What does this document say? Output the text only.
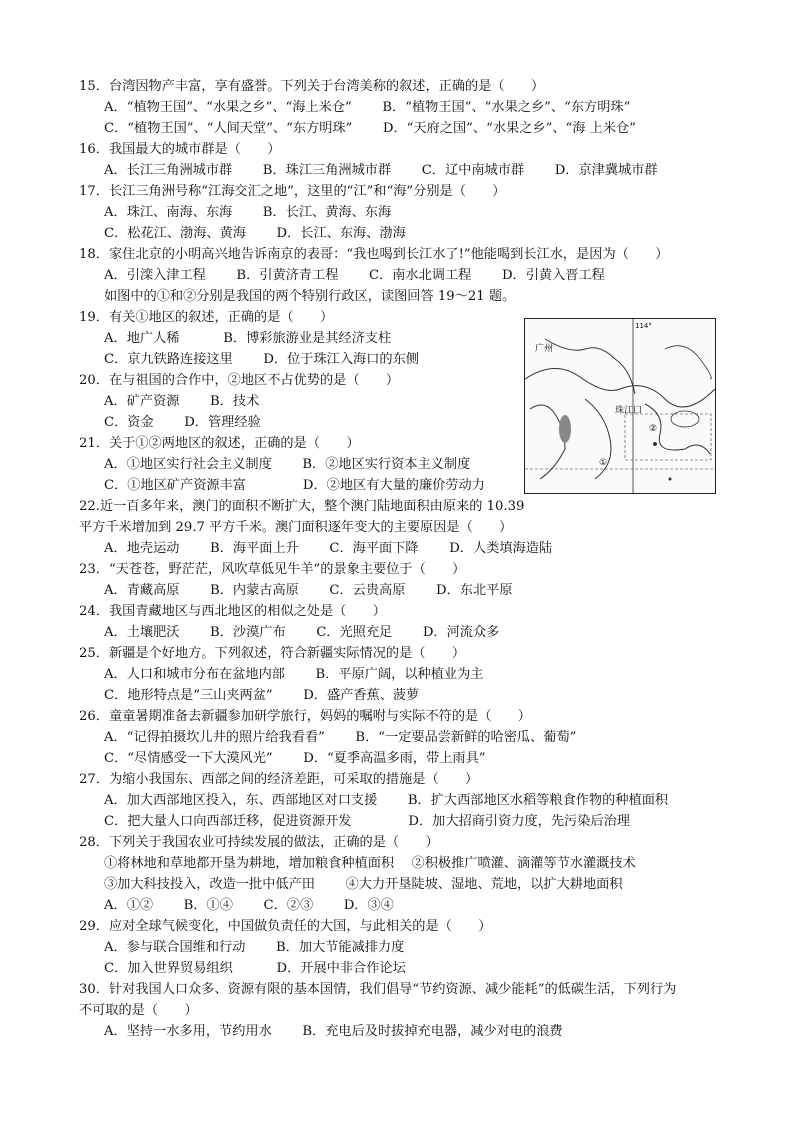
15．台湾因物产丰富，享有盛誉。下列关于台湾美称的叙述，正确的是（　　）
A．“植物王国”、“水果之乡”、“海上米仓”　　 B．“植物王国”、“水果之乡”、“东方明珠”
C．“植物王国”、“人间天堂”、“东方明珠”　　 D．“天府之国”、“水果之乡”、“海 上米仓”
16．我国最大的城市群是（　　）
A．长江三角洲城市群　　 B．珠江三角洲城市群　　 C．辽中南城市群　　 D．京津冀城市群
17．长江三角洲号称“江海交汇之地”，这里的“江”和“海”分别是（　　）
A．珠江、南海、东海　　 B．长江、黄海、东海
C．松花江、渤海、黄海　　 D．长江、东海、渤海
18．家住北京的小明高兴地告诉南京的表哥：“我也喝到长江水了!”他能喝到长江水，是因为（　　）
A．引滦入津工程　　 B．引黄济青工程　　 C．南水北调工程　　 D．引黄入晋工程
如图中的①和②分别是我国的两个特别行政区，读图回答 19～21 题。
19．有关①地区的叙述，正确的是（　　）
A．地广人稀　　　 B．博彩旅游业是其经济支柱
C．京九铁路连接这里　　 D．位于珠江入海口的东侧
20．在与祖国的合作中，②地区不占优势的是（　　）
A．矿产资源　　 B．技术
C．资金　　 D．管理经验
21．关于①②两地区的叙述，正确的是（　　）
A．①地区实行社会主义制度　　 B．②地区实行资本主义制度
C．①地区矿产资源丰富　　　　 D．②地区有大量的廉价劳动力
22.近一百多年来，澳门的面积不断扩大，整个澳门陆地面积由原来的 10.39
平方千米增加到 29.7 平方千米。澳门面积逐年变大的主要原因是（　　）
A．地壳运动　　 B．海平面上升　　 C．海平面下降　　 D．人类填海造陆
23．“天苍苍，野茫茫，风吹草低见牛羊”的景象主要位于（　　）
A．青藏高原　　 B．内蒙古高原　　 C．云贵高原　　 D．东北平原
24．我国青藏地区与西北地区的相似之处是（　　）
A．土壤肥沃　　 B．沙漠广布　　 C．光照充足　　 D．河流众多
25．新疆是个好地方。下列叙述，符合新疆实际情况的是（　　）
A．人口和城市分布在盆地内部　　 B．平原广阔，以种植业为主
C．地形特点是“三山夹两盆”　　 D．盛产香蕉、菠萝
26．童童暑期准备去新疆参加研学旅行，妈妈的嘱咐与实际不符的是（　　）
A．“记得拍摄坎儿井的照片给我看看”　　 B．“一定要品尝新鲜的哈密瓜、葡萄”
C．“尽情感受一下大漠风光”　　 D．“夏季高温多雨，带上雨具”
27．为缩小我国东、西部之间的经济差距，可采取的措施是（　　）
A．加大西部地区投入，东、西部地区对口支援　　 B．扩大西部地区水稻等粮食作物的种植面积
C．把大量人口向西部迁移，促进资源开发　　　　 D．加大招商引资力度，先污染后治理
28．下列关于我国农业可持续发展的做法，正确的是（　　）
①将林地和草地都开垦为耕地，增加粮食种植面积　 ②积极推广喷灌、滴灌等节水灌溉技术
③加大科技投入，改造一批中低产田　　 ④大力开垦陡坡、湿地、荒地，以扩大耕地面积
A．①②　　 B．①④　　 C．②③　　 D．③④
29．应对全球气候变化，中国做负责任的大国，与此相关的是（　　）
A．参与联合国维和行动　　 B．加大节能减排力度
C．加入世界贸易组织　　　 D．开展中非合作论坛
30．针对我国人口众多、资源有限的基本国情，我们倡导“节约资源、减少能耗”的低碳生活，下列行为
不可取的是（　　）
A．坚持一水多用，节约用水　　 B．充电后及时拔掉充电器，减少对电的浪费
广州
珠江口
②
①
114°
